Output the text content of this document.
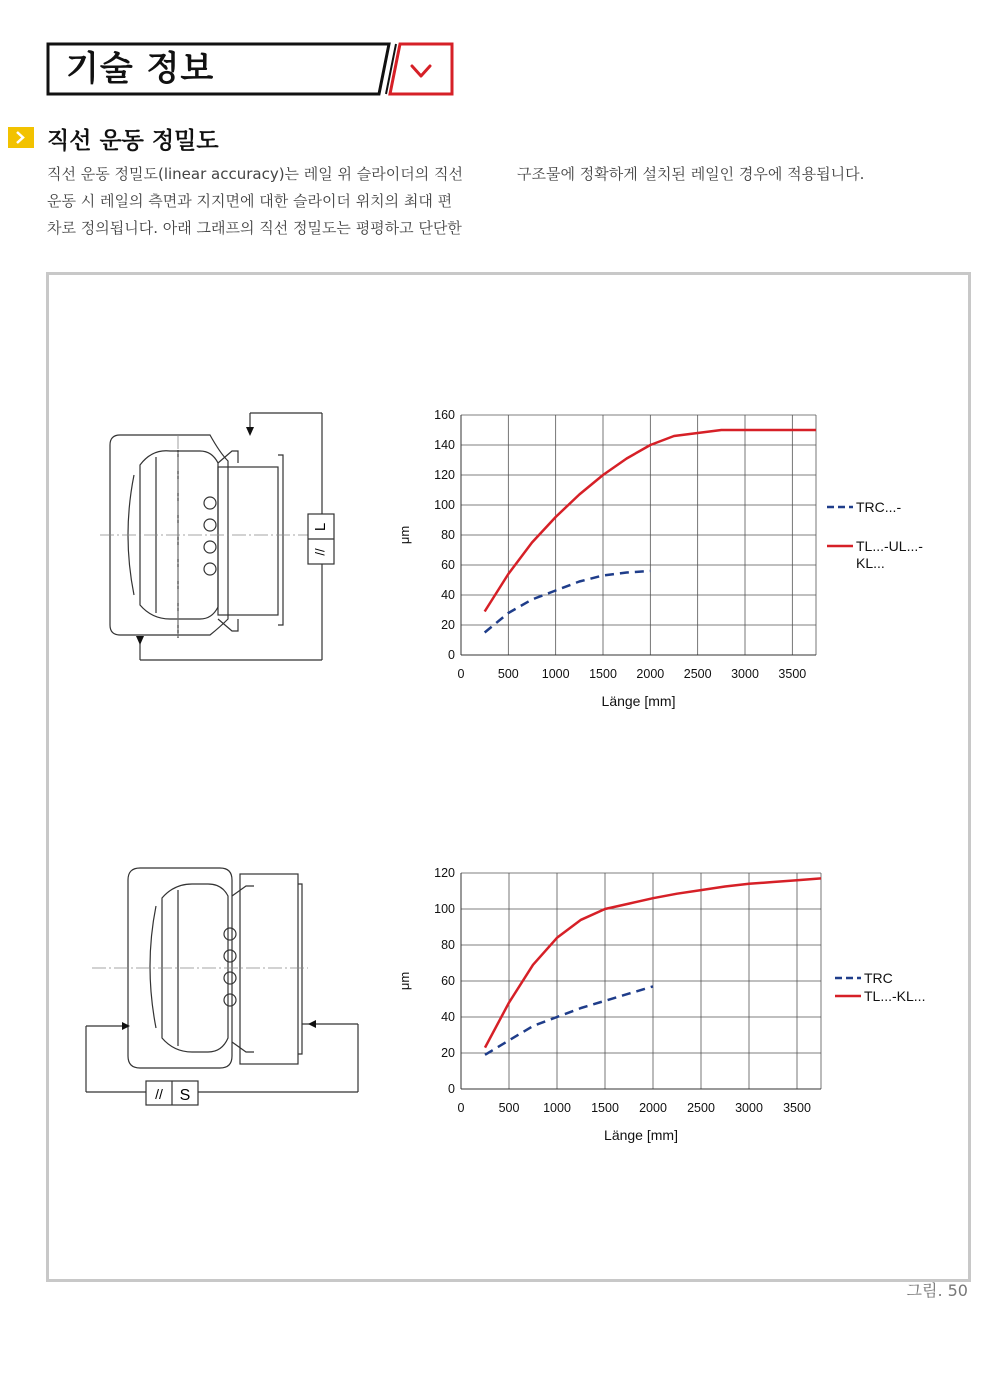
기술 정보
직선 운동 정밀도
직선 운동 정밀도(linear accuracy)는 레일 위 슬라이더의 직선
운동 시 레일의 측면과 지지면에 대한 슬라이더 위치의 최대 편
차로 정의됩니다. 아래 그래프의 직선 정밀도는 평평하고 단단한
구조물에 정확하게 설치된 레일인 경우에 적용됩니다.
L
//
// S
0
20
40
60
80
100
120
140
160
0	500 1000 1500 2000 2500 3000 3500
Länge [mm]
μm
TRC...-
TL...-UL...-
KL...
0
20
40
60
80
100
120
0	500 1000 1500 2000 2500 3000 3500
Länge [mm]
μm	TRC
TL...-KL...
그림. 50
